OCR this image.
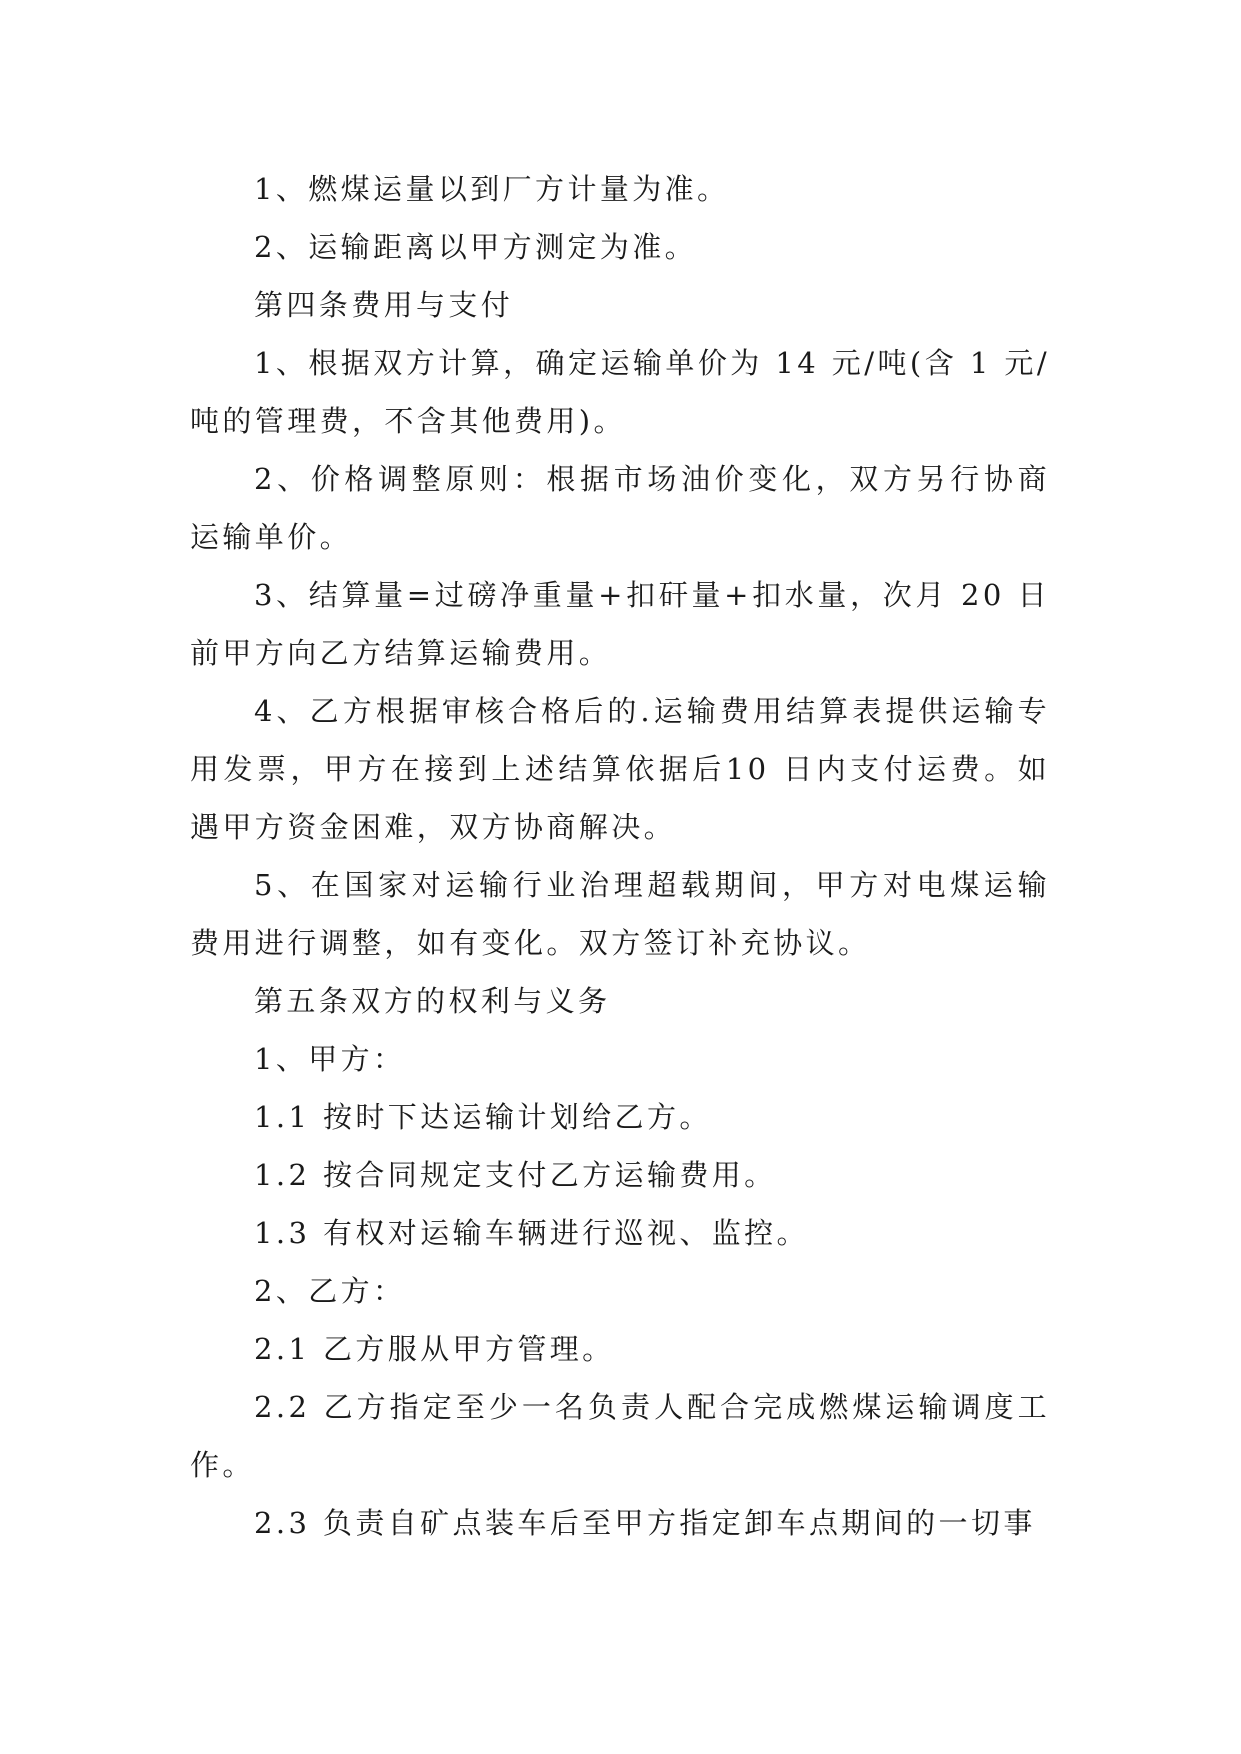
1、燃煤运量以到厂方计量为准。

2、运输距离以甲方测定为准。

第四条费用与支付

1、根据双方计算，确定运输单价为 14 元/吨(含 1 元/吨的管理费，不含其他费用)。

2、价格调整原则：根据市场油价变化，双方另行协商运输单价。

3、结算量=过磅净重量+扣矸量+扣水量，次月 20 日前甲方向乙方结算运输费用。

4、乙方根据审核合格后的.运输费用结算表提供运输专用发票，甲方在接到上述结算依据后10 日内支付运费。如遇甲方资金困难，双方协商解决。

5、在国家对运输行业治理超载期间，甲方对电煤运输费用进行调整，如有变化。双方签订补充协议。

第五条双方的权利与义务

1、甲方：

1.1 按时下达运输计划给乙方。

1.2 按合同规定支付乙方运输费用。

1.3 有权对运输车辆进行巡视、监控。

2、乙方：

2.1 乙方服从甲方管理。

2.2 乙方指定至少一名负责人配合完成燃煤运输调度工作。

2.3 负责自矿点装车后至甲方指定卸车点期间的一切事
